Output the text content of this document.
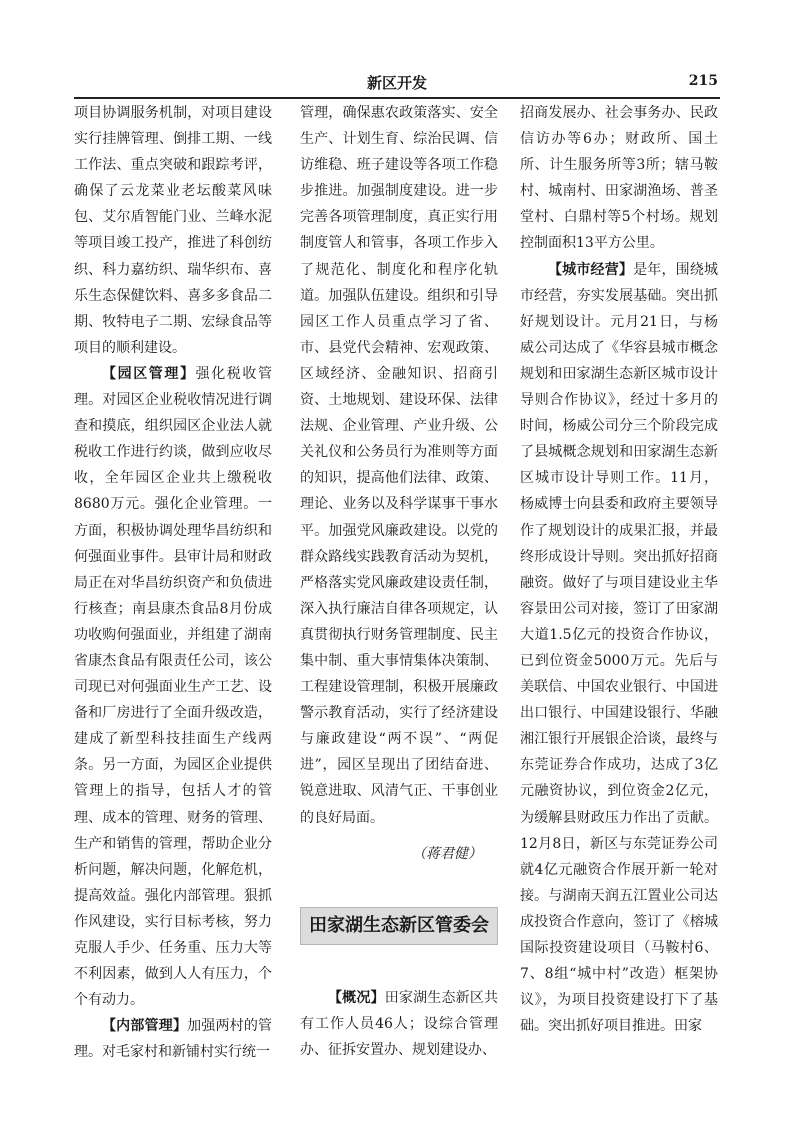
新区开发	215

项目协调服务机制，对项目建设实行挂牌管理、倒排工期、一线工作法、重点突破和跟踪考评，确保了云龙菜业老坛酸菜风味包、艾尔盾智能门业、兰峰水泥等项目竣工投产，推进了科创纺织、科力嘉纺织、瑞华织布、喜乐生态保健饮料、喜多多食品二期、牧特电子二期、宏绿食品等项目的顺利建设。

【园区管理】强化税收管理。对园区企业税收情况进行调查和摸底，组织园区企业法人就税收工作进行约谈，做到应收尽收，全年园区企业共上缴税收8680万元。强化企业管理。一方面，积极协调处理华昌纺织和何强面业事件。县审计局和财政局正在对华昌纺织资产和负债进行核查；南县康杰食品8月份成功收购何强面业，并组建了湖南省康杰食品有限责任公司，该公司现已对何强面业生产工艺、设备和厂房进行了全面升级改造，建成了新型科技挂面生产线两条。另一方面，为园区企业提供管理上的指导，包括人才的管理、成本的管理、财务的管理、生产和销售的管理，帮助企业分析问题，解决问题，化解危机，提高效益。强化内部管理。狠抓作风建设，实行目标考核，努力克服人手少、任务重、压力大等不利因素，做到人人有压力，个个有动力。

【内部管理】加强两村的管理。对毛家村和新铺村实行统一

管理，确保惠农政策落实、安全生产、计划生育、综治民调、信访维稳、班子建设等各项工作稳步推进。加强制度建设。进一步完善各项管理制度，真正实行用制度管人和管事，各项工作步入了规范化、制度化和程序化轨道。加强队伍建设。组织和引导园区工作人员重点学习了省、市、县党代会精神、宏观政策、区域经济、金融知识、招商引资、土地规划、建设环保、法律法规、企业管理、产业升级、公关礼仪和公务员行为准则等方面的知识，提高他们法律、政策、理论、业务以及科学谋事干事水平。加强党风廉政建设。以党的群众路线实践教育活动为契机，严格落实党风廉政建设责任制，深入执行廉洁自律各项规定，认真贯彻执行财务管理制度、民主集中制、重大事情集体决策制、工程建设管理制，积极开展廉政警示教育活动，实行了经济建设与廉政建设“两不误”、“两促进”，园区呈现出了团结奋进、锐意进取、风清气正、干事创业的良好局面。

（蒋君健）

田家湖生态新区管委会

【概况】田家湖生态新区共有工作人员46人；设综合管理办、征拆安置办、规划建设办、

招商发展办、社会事务办、民政信访办等6办；财政所、国土所、计生服务所等3所；辖马鞍村、城南村、田家湖渔场、普圣堂村、白鼎村等5个村场。规划控制面积13平方公里。

【城市经营】是年，围绕城市经营，夯实发展基础。突出抓好规划设计。元月21日，与杨威公司达成了《华容县城市概念规划和田家湖生态新区城市设计导则合作协议》，经过十多月的时间，杨威公司分三个阶段完成了县城概念规划和田家湖生态新区城市设计导则工作。11月，杨威博士向县委和政府主要领导作了规划设计的成果汇报，并最终形成设计导则。突出抓好招商融资。做好了与项目建设业主华容景田公司对接，签订了田家湖大道1.5亿元的投资合作协议，已到位资金5000万元。先后与美联信、中国农业银行、中国进出口银行、中国建设银行、华融湘江银行开展银企洽谈，最终与东莞证券合作成功，达成了3亿元融资协议，到位资金2亿元，为缓解县财政压力作出了贡献。12月8日，新区与东莞证券公司就4亿元融资合作展开新一轮对接。与湖南天润五江置业公司达成投资合作意向，签订了《榕城国际投资建设项目（马鞍村6、7、8组“城中村”改造）框架协议》，为项目投资建设打下了基础。突出抓好项目推进。田家
